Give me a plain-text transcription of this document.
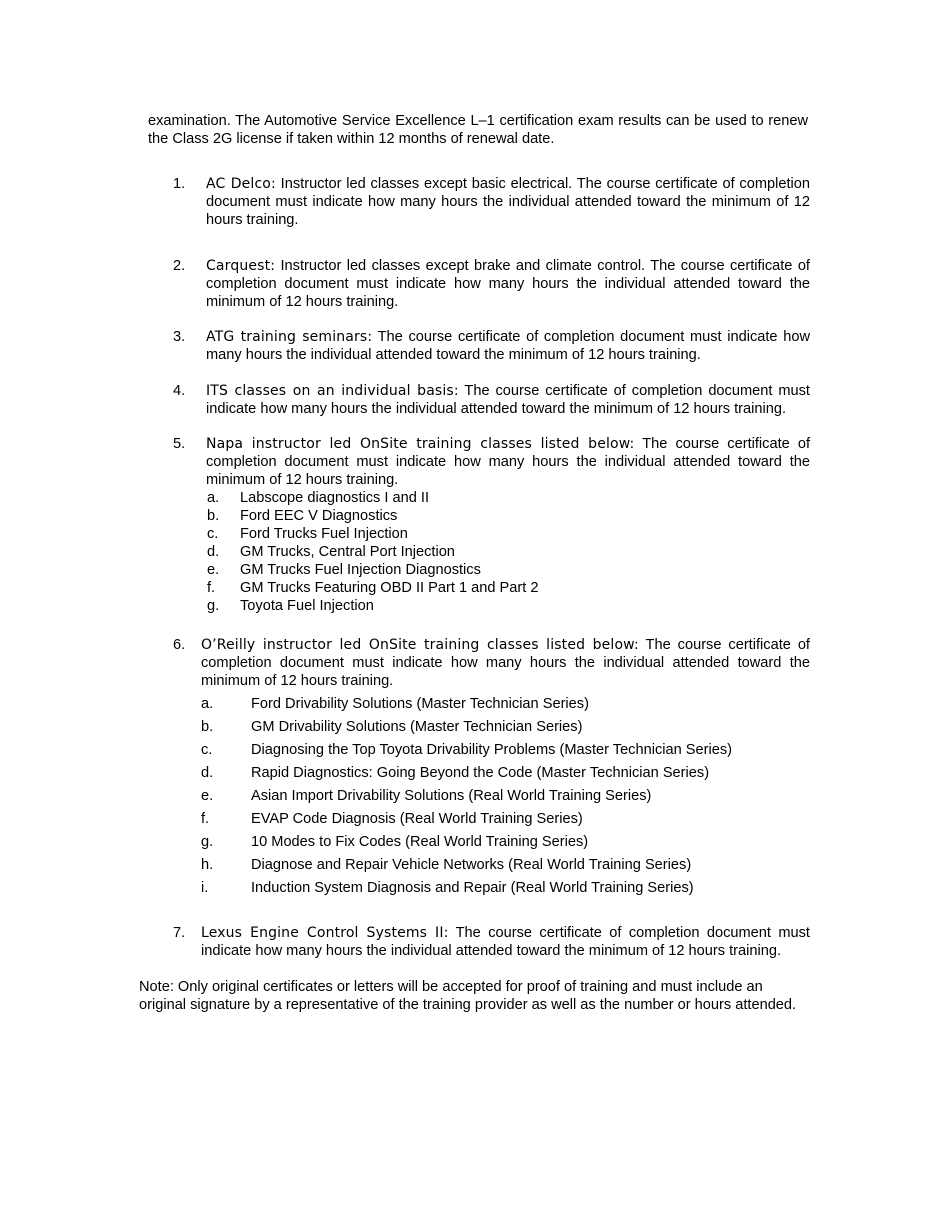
examination. The Automotive Service Excellence L–1 certification exam results can be used to renew the Class 2G license if taken within 12 months of renewal date.

1. AC Delco: Instructor led classes except basic electrical. The course certificate of completion document must indicate how many hours the individual attended toward the minimum of 12 hours training.
2. Carquest: Instructor led classes except brake and climate control. The course certificate of completion document must indicate how many hours the individual attended toward the minimum of 12 hours training.
3. ATG training seminars: The course certificate of completion document must indicate how many hours the individual attended toward the minimum of 12 hours training.
4. ITS classes on an individual basis: The course certificate of completion document must indicate how many hours the individual attended toward the minimum of 12 hours training.
5. Napa instructor led OnSite training classes listed below: The course certificate of completion document must indicate how many hours the individual attended toward the minimum of 12 hours training.
a. Labscope diagnostics I and II
b. Ford EEC V Diagnostics
c. Ford Trucks Fuel Injection
d. GM Trucks, Central Port Injection
e. GM Trucks Fuel Injection Diagnostics
f. GM Trucks Featuring OBD II Part 1 and Part 2
g. Toyota Fuel Injection
6. O’Reilly instructor led OnSite training classes listed below: The course certificate of completion document must indicate how many hours the individual attended toward the minimum of 12 hours training.
a.	Ford Drivability Solutions (Master Technician Series)
b.	GM Drivability Solutions (Master Technician Series)
c.	Diagnosing the Top Toyota Drivability Problems (Master Technician Series)
d.	Rapid Diagnostics: Going Beyond the Code (Master Technician Series)
e.	Asian Import Drivability Solutions (Real World Training Series)
f.	EVAP Code Diagnosis (Real World Training Series)
g.	10 Modes to Fix Codes (Real World Training Series)
h.	Diagnose and Repair Vehicle Networks (Real World Training Series)
i.	Induction System Diagnosis and Repair (Real World Training Series)
7. Lexus Engine Control Systems II: The course certificate of completion document must indicate how many hours the individual attended toward the minimum of 12 hours training.

Note: Only original certificates or letters will be accepted for proof of training and must include an original signature by a representative of the training provider as well as the number or hours attended.
